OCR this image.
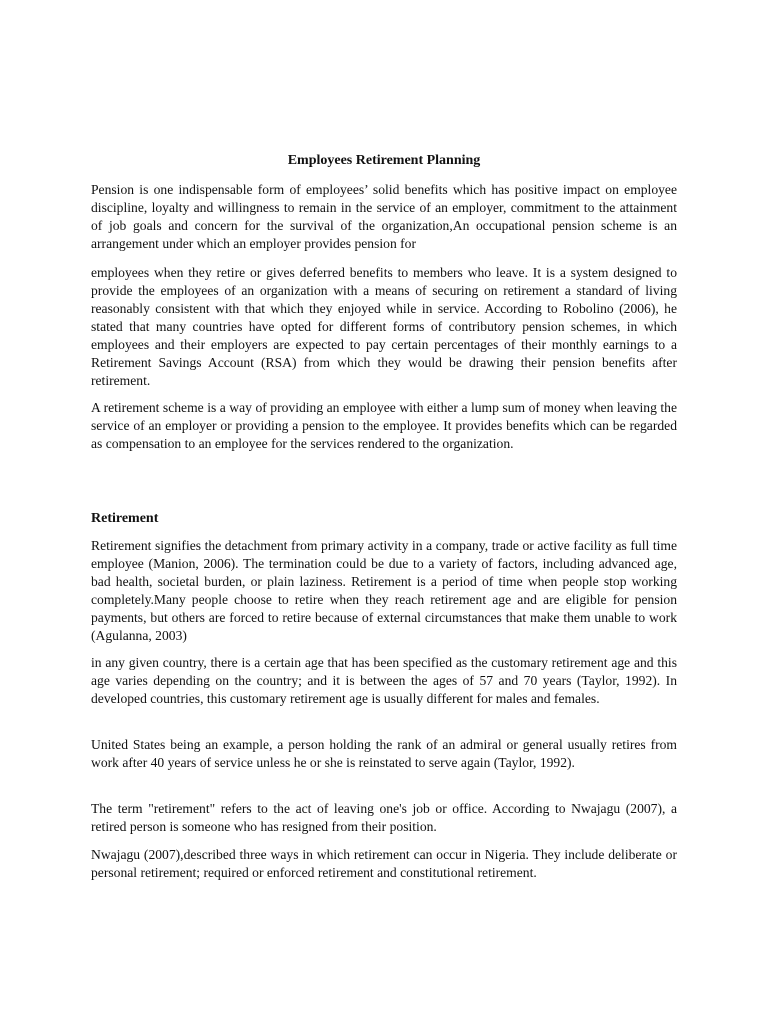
Employees Retirement Planning

Pension is one indispensable form of employees’ solid benefits which has positive impact on employee discipline, loyalty and willingness to remain in the service of an employer, commitment to the attainment of job goals and concern for the survival of the organization,An occupational pension scheme is an arrangement under which an employer provides pension for

employees when they retire or gives deferred benefits to members who leave. It is a system designed to provide the employees of an organization with a means of securing on retirement a standard of living reasonably consistent with that which they enjoyed while in service. According to Robolino (2006), he stated that many countries have opted for different forms of contributory pension schemes, in which employees and their employers are expected to pay certain percentages of their monthly earnings to a Retirement Savings Account (RSA) from which they would be drawing their pension benefits after retirement.

A retirement scheme is a way of providing an employee with either a lump sum of money when leaving the service of an employer or providing a pension to the employee. It provides benefits which can be regarded as compensation to an employee for the services rendered to the organization.

Retirement

Retirement signifies the detachment from primary activity in a company, trade or active facility as full time employee (Manion, 2006). The termination could be due to a variety of factors, including advanced age, bad health, societal burden, or plain laziness. Retirement is a period of time when people stop working completely.Many people choose to retire when they reach retirement age and are eligible for pension payments, but others are forced to retire because of external circumstances that make them unable to work (Agulanna, 2003)

in any given country, there is a certain age that has been specified as the customary retirement age and this age varies depending on the country; and it is between the ages of 57 and 70 years (Taylor, 1992). In developed countries, this customary retirement age is usually different for males and females.

United States being an example, a person holding the rank of an admiral or general usually retires from work after 40 years of service unless he or she is reinstated to serve again (Taylor, 1992).

The term "retirement" refers to the act of leaving one's job or office. According to Nwajagu (2007), a retired person is someone who has resigned from their position.

Nwajagu (2007),described three ways in which retirement can occur in Nigeria. They include deliberate or personal retirement; required or enforced retirement and constitutional retirement.
